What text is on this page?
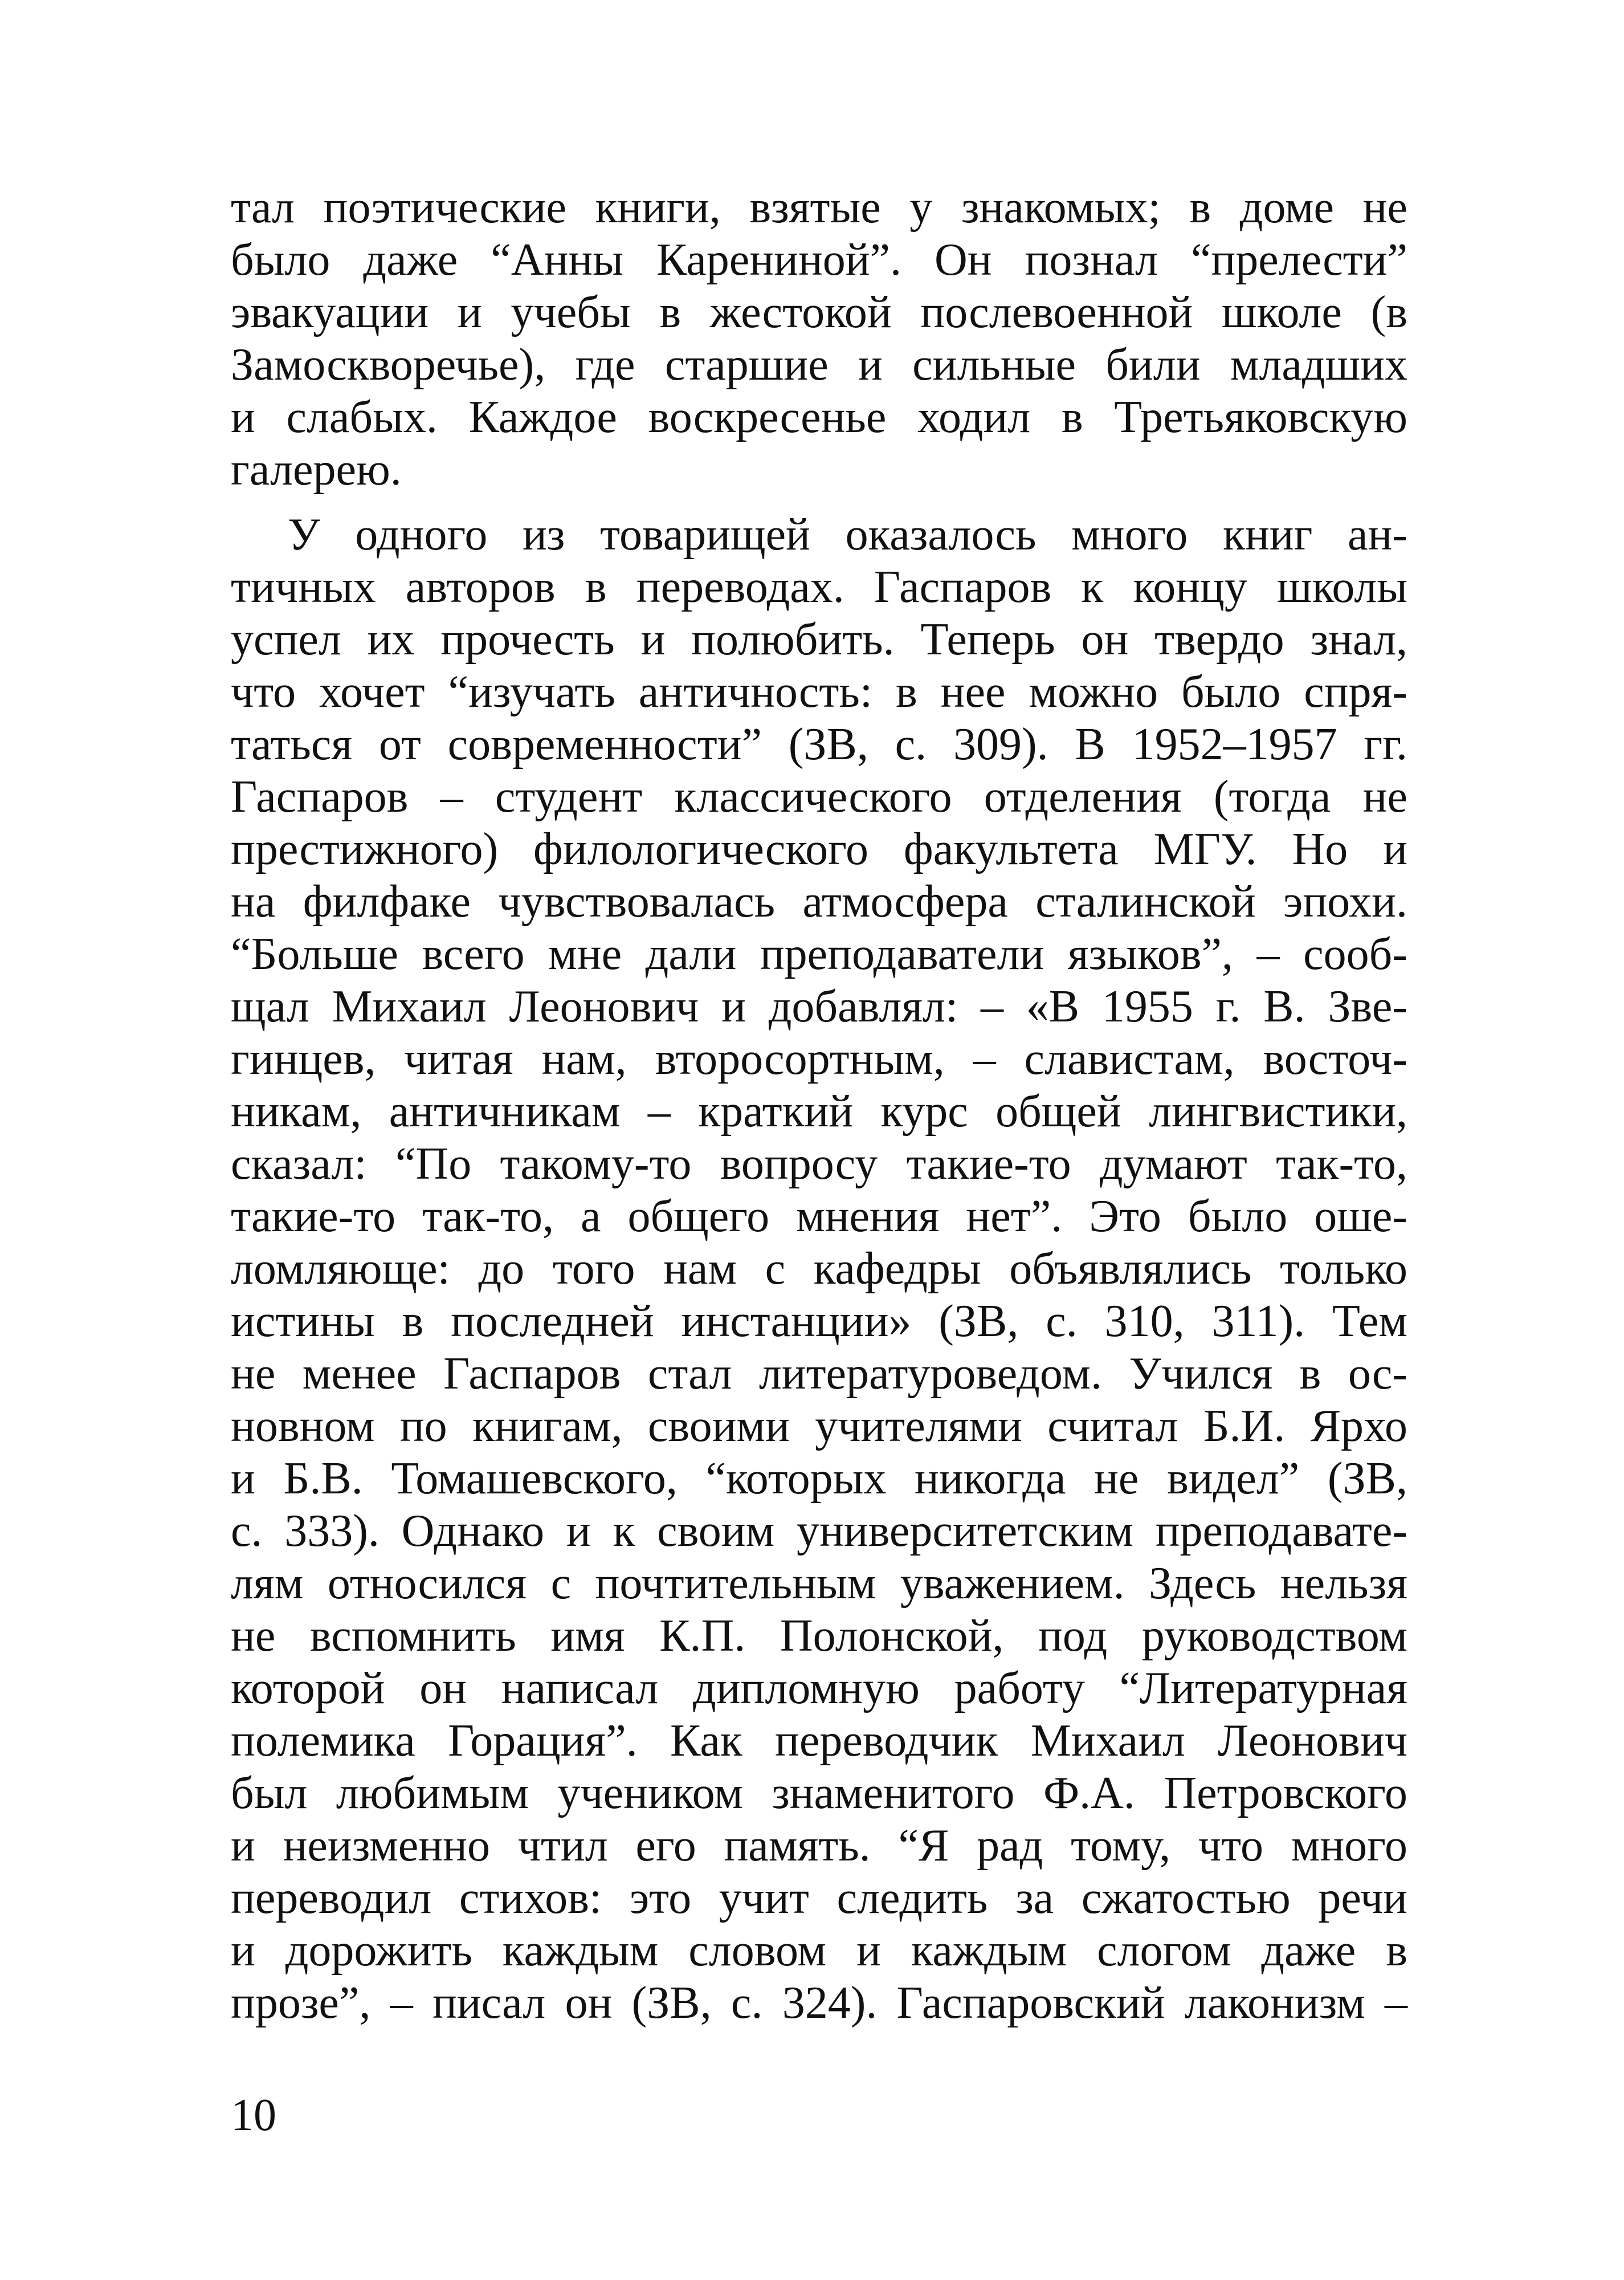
тал поэтические книги, взятые у знакомых; в доме не
было даже “Анны Карениной”. Он познал “прелести”
эвакуации и учебы в жестокой послевоенной школе (в
Замоскворечье), где старшие и сильные били младших
и слабых. Каждое воскресенье ходил в Третьяковскую
галерею.
У одного из товарищей оказалось много книг ан-
тичных авторов в переводах. Гаспаров к концу школы
успел их прочесть и полюбить. Теперь он твердо знал,
что хочет “изучать античность: в нее можно было спря-
таться от современности” (ЗВ, с. 309). В 1952–1957 гг.
Гаспаров – студент классического отделения (тогда не
престижного) филологического факультета МГУ. Но и
на филфаке чувствовалась атмосфера сталинской эпохи.
“Больше всего мне дали преподаватели языков”, – сооб-
щал Михаил Леонович и добавлял: – «В 1955 г. В. Зве-
гинцев, читая нам, второсортным, – славистам, восточ-
никам, античникам – краткий курс общей лингвистики,
сказал: “По такому-то вопросу такие-то думают так-то,
такие-то так-то, а общего мнения нет”. Это было оше-
ломляюще: до того нам с кафедры объявлялись только
истины в последней инстанции» (ЗВ, с. 310, 311). Тем
не менее Гаспаров стал литературоведом. Учился в ос-
новном по книгам, своими учителями считал Б.И. Ярхо
и Б.В. Томашевского, “которых никогда не видел” (ЗВ,
с. 333). Однако и к своим университетским преподавате-
лям относился с почтительным уважением. Здесь нельзя
не вспомнить имя К.П. Полонской, под руководством
которой он написал дипломную работу “Литературная
полемика Горация”. Как переводчик Михаил Леонович
был любимым учеником знаменитого Ф.А. Петровского
и неизменно чтил его память. “Я рад тому, что много
переводил стихов: это учит следить за сжатостью речи
и дорожить каждым словом и каждым слогом даже в
прозе”, – писал он (ЗВ, с. 324). Гаспаровский лаконизм –
10
